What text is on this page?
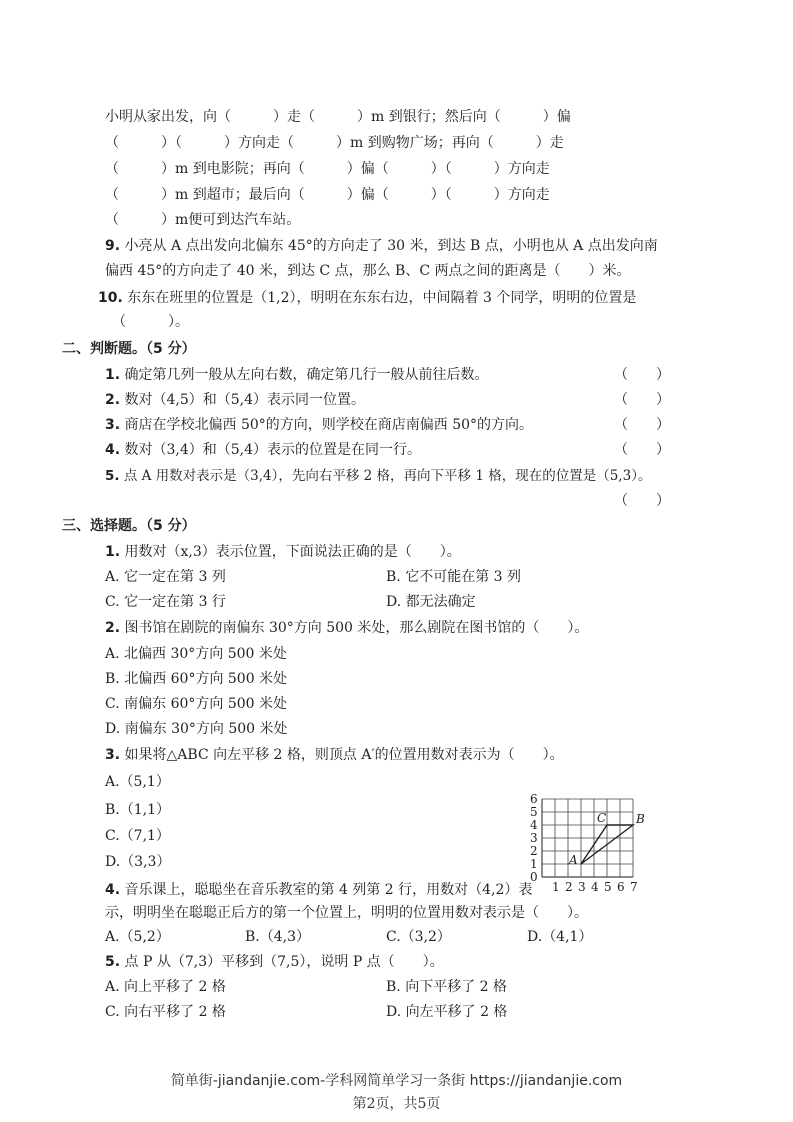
小明从家出发，向（　　　）走（　　　）m 到银行；然后向（　　　）偏
（　　　）（　　　）方向走（　　　）m 到购物广场；再向（　　　）走
（　　　）m 到电影院；再向（　　　）偏（　　　）（　　　）方向走
（　　　）m 到超市；最后向（　　　）偏（　　　）（　　　）方向走
（　　　）m便可到达汽车站。
9. 小亮从 A 点出发向北偏东 45°的方向走了 30 米，到达 B 点，小明也从 A 点出发向南
偏西 45°的方向走了 40 米，到达 C 点，那么 B、C 两点之间的距离是（　　）米。
10. 东东在班里的位置是（1,2），明明在东东右边，中间隔着 3 个同学，明明的位置是
（　　　）。
二、判断题。（5 分）
1. 确定第几列一般从左向右数，确定第几行一般从前往后数。	（　　）
2. 数对（4,5）和（5,4）表示同一位置。	（　　）
3. 商店在学校北偏西 50°的方向，则学校在商店南偏西 50°的方向。	（　　）
4. 数对（3,4）和（5,4）表示的位置是在同一行。	（　　）
5. 点 A 用数对表示是（3,4），先向右平移 2 格，再向下平移 1 格，现在的位置是（5,3）。
（　　）
三、选择题。（5 分）
1. 用数对（x,3）表示位置，下面说法正确的是（　　）。
A. 它一定在第 3 列	B. 它不可能在第 3 列
C. 它一定在第 3 行	D. 都无法确定
2. 图书馆在剧院的南偏东 30°方向 500 米处，那么剧院在图书馆的（　　）。
A. 北偏西 30°方向 500 米处
B. 北偏西 60°方向 500 米处
C. 南偏东 60°方向 500 米处
D. 南偏东 30°方向 500 米处
3. 如果将△ABC 向左平移 2 格，则顶点 A′的位置用数对表示为（　　）。
A.（5,1）
B.（1,1）
C.（7,1）
D.（3,3）
0
1 2 3 4 5 6 7
1
2
3
4
5
6
A
B
C
4. 音乐课上，聪聪坐在音乐教室的第 4 列第 2 行，用数对（4,2）表
示，明明坐在聪聪正后方的第一个位置上，明明的位置用数对表示是（　　）。
A.（5,2）	B.（4,3）	C.（3,2）	D.（4,1）
5. 点 P 从（7,3）平移到（7,5），说明 P 点（　　）。
A. 向上平移了 2 格	B. 向下平移了 2 格
C. 向右平移了 2 格	D. 向左平移了 2 格
简单街-jiandanjie.com-学科网简单学习一条街 https://jiandanjie.com
第2页，共5页
